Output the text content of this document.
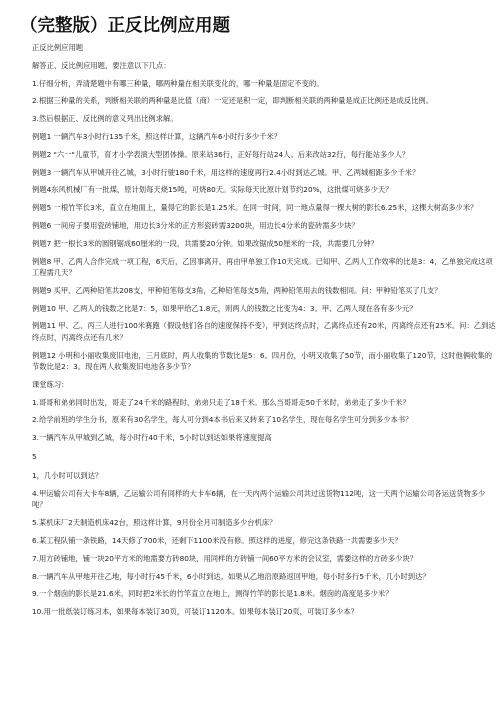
（完整版）正反比例应用题

正反比例应用题

解答正、反比例应用题，要注意以下几点：

1.仔细分析，弄清楚题中有哪三种量，哪两种量在相关联变化的，哪一种量是固定不变的。

2.根据三种量的关系，判断相关联的两种量是比值（商）一定还是积一定，即判断相关联的两种量是成正比例还是成反比例。

3.然后根据正、反比例的意义列出比例求解。

例题1 一辆汽车3小时行135千米，照这样计算，这辆汽车6小时行多少千米？

例题2 "六一"儿童节，育才小学表演大型团体操。原来站36行，正好每行站24人。后来改站32行，每行能站多少人？

例题3 一辆汽车从甲城开往乙城，3小时行驶180千米，用这样的速度再行2.4小时到达乙城。甲、乙两城相距多少千米？

例题4东风机械厂有一批煤，原计划每天烧15吨，可烧80天。实际每天比原计划节约20%，这批煤可烧多少天？

例题5 一根竹竿长3米，直立在地面上，量得它的影长是1.25米。在同一时间，同一地点量得一棵大树的影长6.25米，这棵大树高多少米？

例题6 一间房子要用瓷砖铺地，用边长3分米的正方形瓷砖需3200块，用边长4分米的瓷砖需多少块？

例题7 把一根长3米的圆钢锯成60厘米的一段，共需要20分钟。如果改锯成50厘米的一段，共需要几分钟？

例题8 甲、乙两人合作完成一项工程，6天后，乙因事离开，再由甲单独工作10天完成。已知甲、乙两人工作效率的比是3：4，乙单独完成这项工程需几天？

例题9 买甲、乙两种铅笔共208支，甲种铅笔每支3角，乙种铅笔每支5角，两种铅笔用去的钱数相同。问：甲种铅笔买了几支？

例题10 甲、乙两人的钱数之比是7：5，如果甲给乙1.8元，则两人的钱数之比变为4：3。甲、乙两人现在各有多少元？

例题11 甲、乙、丙三人进行100米赛跑（假设他们各自的速度保持不变），甲到达终点时，乙离终点还有20米，丙离终点还有25米。问：乙到达终点时，丙离终点还有几米？

例题12 小明和小丽收集废旧电池，三月底时，两人收集的节数比是5：6。四月份，小明又收集了50节，而小丽收集了120节，这时他俩收集的节数比是2：3。现在两人收集废旧电池各多少节？

课堂练习：

1.哥哥和弟弟同时出发，哥走了24千米的路程时，弟弟只走了18千米。那么当哥哥走50千米时，弟弟走了多少千米？

2.给学前班的学生分书，原来有30名学生，每人可分到4本书后来又转来了10名学生，现在每名学生可分到多少本书？

3.一辆汽车从甲城到乙城，每小时行40千米，5小时以到达如果将速度提高

5

1，几小时可以到达？

4.甲运输公司有大卡车8辆，乙运输公司有同样的大卡车6辆，在一天内两个运输公司共过送货物112吨，这一天两个运输公司各运送货物多少吨？

5.某机床厂2天制造机床42台，照这样计算，9月份全月可制造多少台机床？

6.某工程队铺一条铁路，14天修了700米，还剩下1100米没有修。照这样的进度，修完这条铁路一共需要多少天？

7.用方砖铺地，铺一块20平方米的地需要方砖80块，用同样的方砖铺一间60平方米的会议室，需要这样的方砖多少块？

8.一辆汽车从甲地开往乙地，每小时行45千米，6小时到达。如果从乙地沿原路返回甲地，每小时多行5千米，几小时到达？

9.一个烟囱的影长是21.6米，同时把2米长的竹竿直立在地上，测得竹竿的影长是1.8米。烟囱的高度是多少米？

10.用一批纸装订练习本，如果每本装订30页，可装订1120本。如果每本装订20页，可装订多少本？
